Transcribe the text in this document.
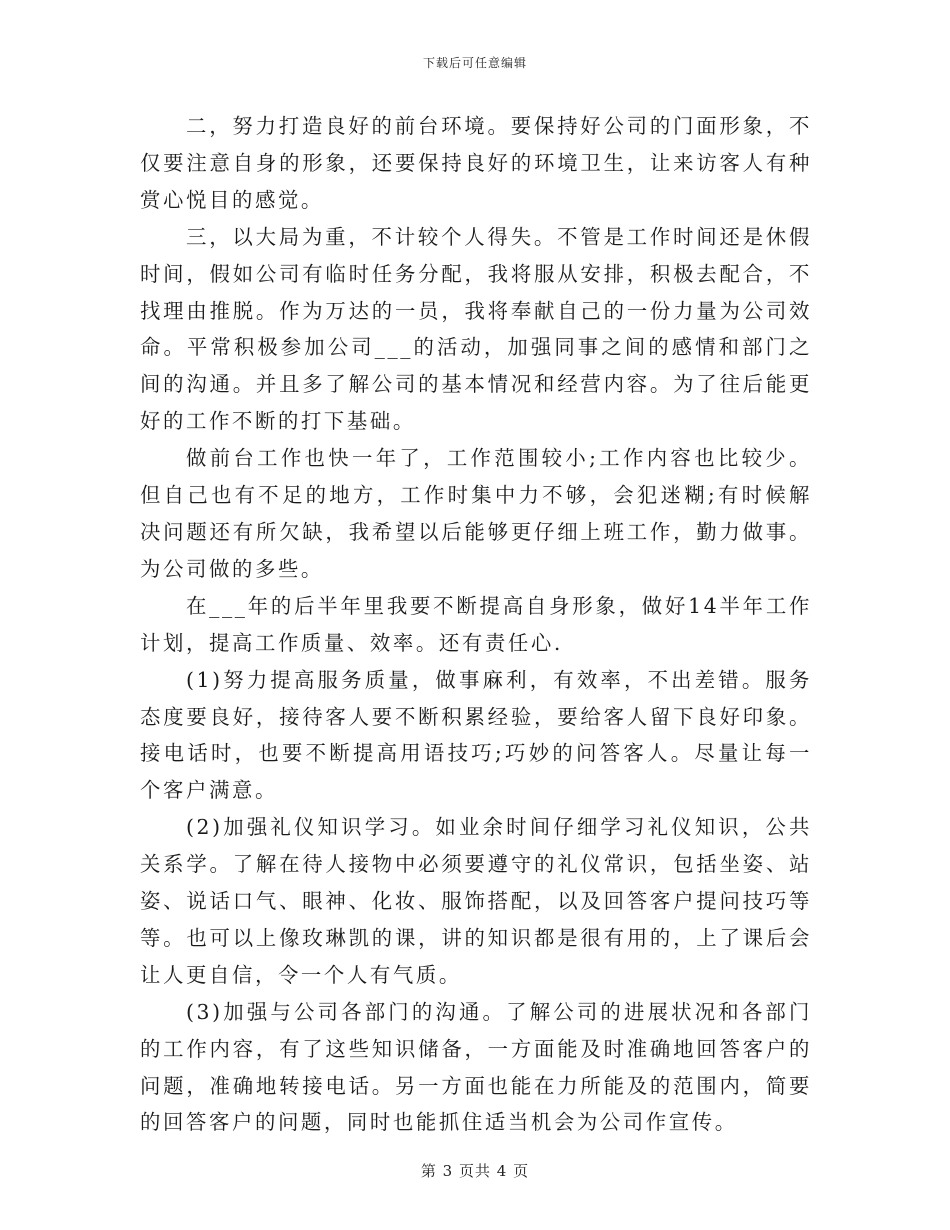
下载后可任意编辑

二，努力打造良好的前台环境。要保持好公司的门面形象，不仅要注意自身的形象，还要保持良好的环境卫生，让来访客人有种赏心悦目的感觉。

三，以大局为重，不计较个人得失。不管是工作时间还是休假时间，假如公司有临时任务分配，我将服从安排，积极去配合，不找理由推脱。作为万达的一员，我将奉献自己的一份力量为公司效命。平常积极参加公司___的活动，加强同事之间的感情和部门之间的沟通。并且多了解公司的基本情况和经营内容。为了往后能更好的工作不断的打下基础。

做前台工作也快一年了，工作范围较小;工作内容也比较少。但自己也有不足的地方，工作时集中力不够，会犯迷糊;有时候解决问题还有所欠缺，我希望以后能够更仔细上班工作，勤力做事。为公司做的多些。

在___年的后半年里我要不断提高自身形象，做好14半年工作计划，提高工作质量、效率。还有责任心.

(1)努力提高服务质量，做事麻利，有效率，不出差错。服务态度要良好，接待客人要不断积累经验，要给客人留下良好印象。接电话时，也要不断提高用语技巧;巧妙的问答客人。尽量让每一个客户满意。

(2)加强礼仪知识学习。如业余时间仔细学习礼仪知识，公共关系学。了解在待人接物中必须要遵守的礼仪常识，包括坐姿、站姿、说话口气、眼神、化妆、服饰搭配，以及回答客户提问技巧等等。也可以上像玫琳凯的课，讲的知识都是很有用的，上了课后会让人更自信，令一个人有气质。

(3)加强与公司各部门的沟通。了解公司的进展状况和各部门的工作内容，有了这些知识储备，一方面能及时准确地回答客户的问题，准确地转接电话。另一方面也能在力所能及的范围内，简要的回答客户的问题，同时也能抓住适当机会为公司作宣传。

第 3 页共 4 页
